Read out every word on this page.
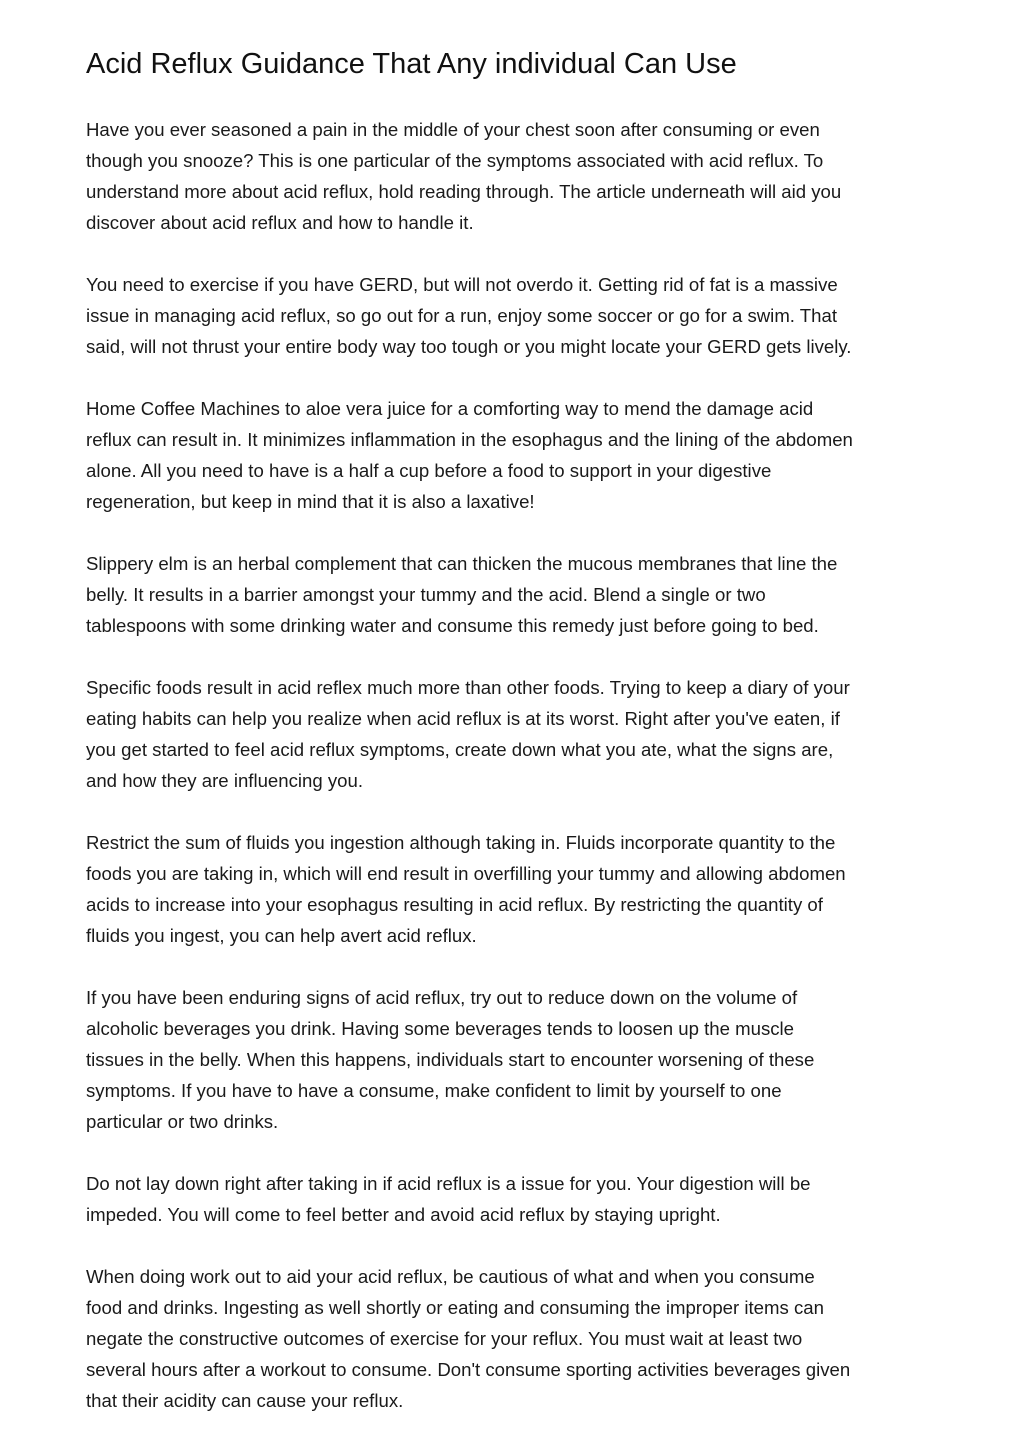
Acid Reflux Guidance That Any individual Can Use

Have you ever seasoned a pain in the middle of your chest soon after consuming or even
though you snooze? This is one particular of the symptoms associated with acid reflux. To
understand more about acid reflux, hold reading through. The article underneath will aid you
discover about acid reflux and how to handle it.

You need to exercise if you have GERD, but will not overdo it. Getting rid of fat is a massive
issue in managing acid reflux, so go out for a run, enjoy some soccer or go for a swim. That
said, will not thrust your entire body way too tough or you might locate your GERD gets lively.

Home Coffee Machines to aloe vera juice for a comforting way to mend the damage acid
reflux can result in. It minimizes inflammation in the esophagus and the lining of the abdomen
alone. All you need to have is a half a cup before a food to support in your digestive
regeneration, but keep in mind that it is also a laxative!

Slippery elm is an herbal complement that can thicken the mucous membranes that line the
belly. It results in a barrier amongst your tummy and the acid. Blend a single or two
tablespoons with some drinking water and consume this remedy just before going to bed.

Specific foods result in acid reflex much more than other foods. Trying to keep a diary of your
eating habits can help you realize when acid reflux is at its worst. Right after you've eaten, if
you get started to feel acid reflux symptoms, create down what you ate, what the signs are,
and how they are influencing you.

Restrict the sum of fluids you ingestion although taking in. Fluids incorporate quantity to the
foods you are taking in, which will end result in overfilling your tummy and allowing abdomen
acids to increase into your esophagus resulting in acid reflux. By restricting the quantity of
fluids you ingest, you can help avert acid reflux.

If you have been enduring signs of acid reflux, try out to reduce down on the volume of
alcoholic beverages you drink. Having some beverages tends to loosen up the muscle
tissues in the belly. When this happens, individuals start to encounter worsening of these
symptoms. If you have to have a consume, make confident to limit by yourself to one
particular or two drinks.

Do not lay down right after taking in if acid reflux is a issue for you. Your digestion will be
impeded. You will come to feel better and avoid acid reflux by staying upright.

When doing work out to aid your acid reflux, be cautious of what and when you consume
food and drinks. Ingesting as well shortly or eating and consuming the improper items can
negate the constructive outcomes of exercise for your reflux. You must wait at least two
several hours after a workout to consume. Don't consume sporting activities beverages given
that their acidity can cause your reflux.
